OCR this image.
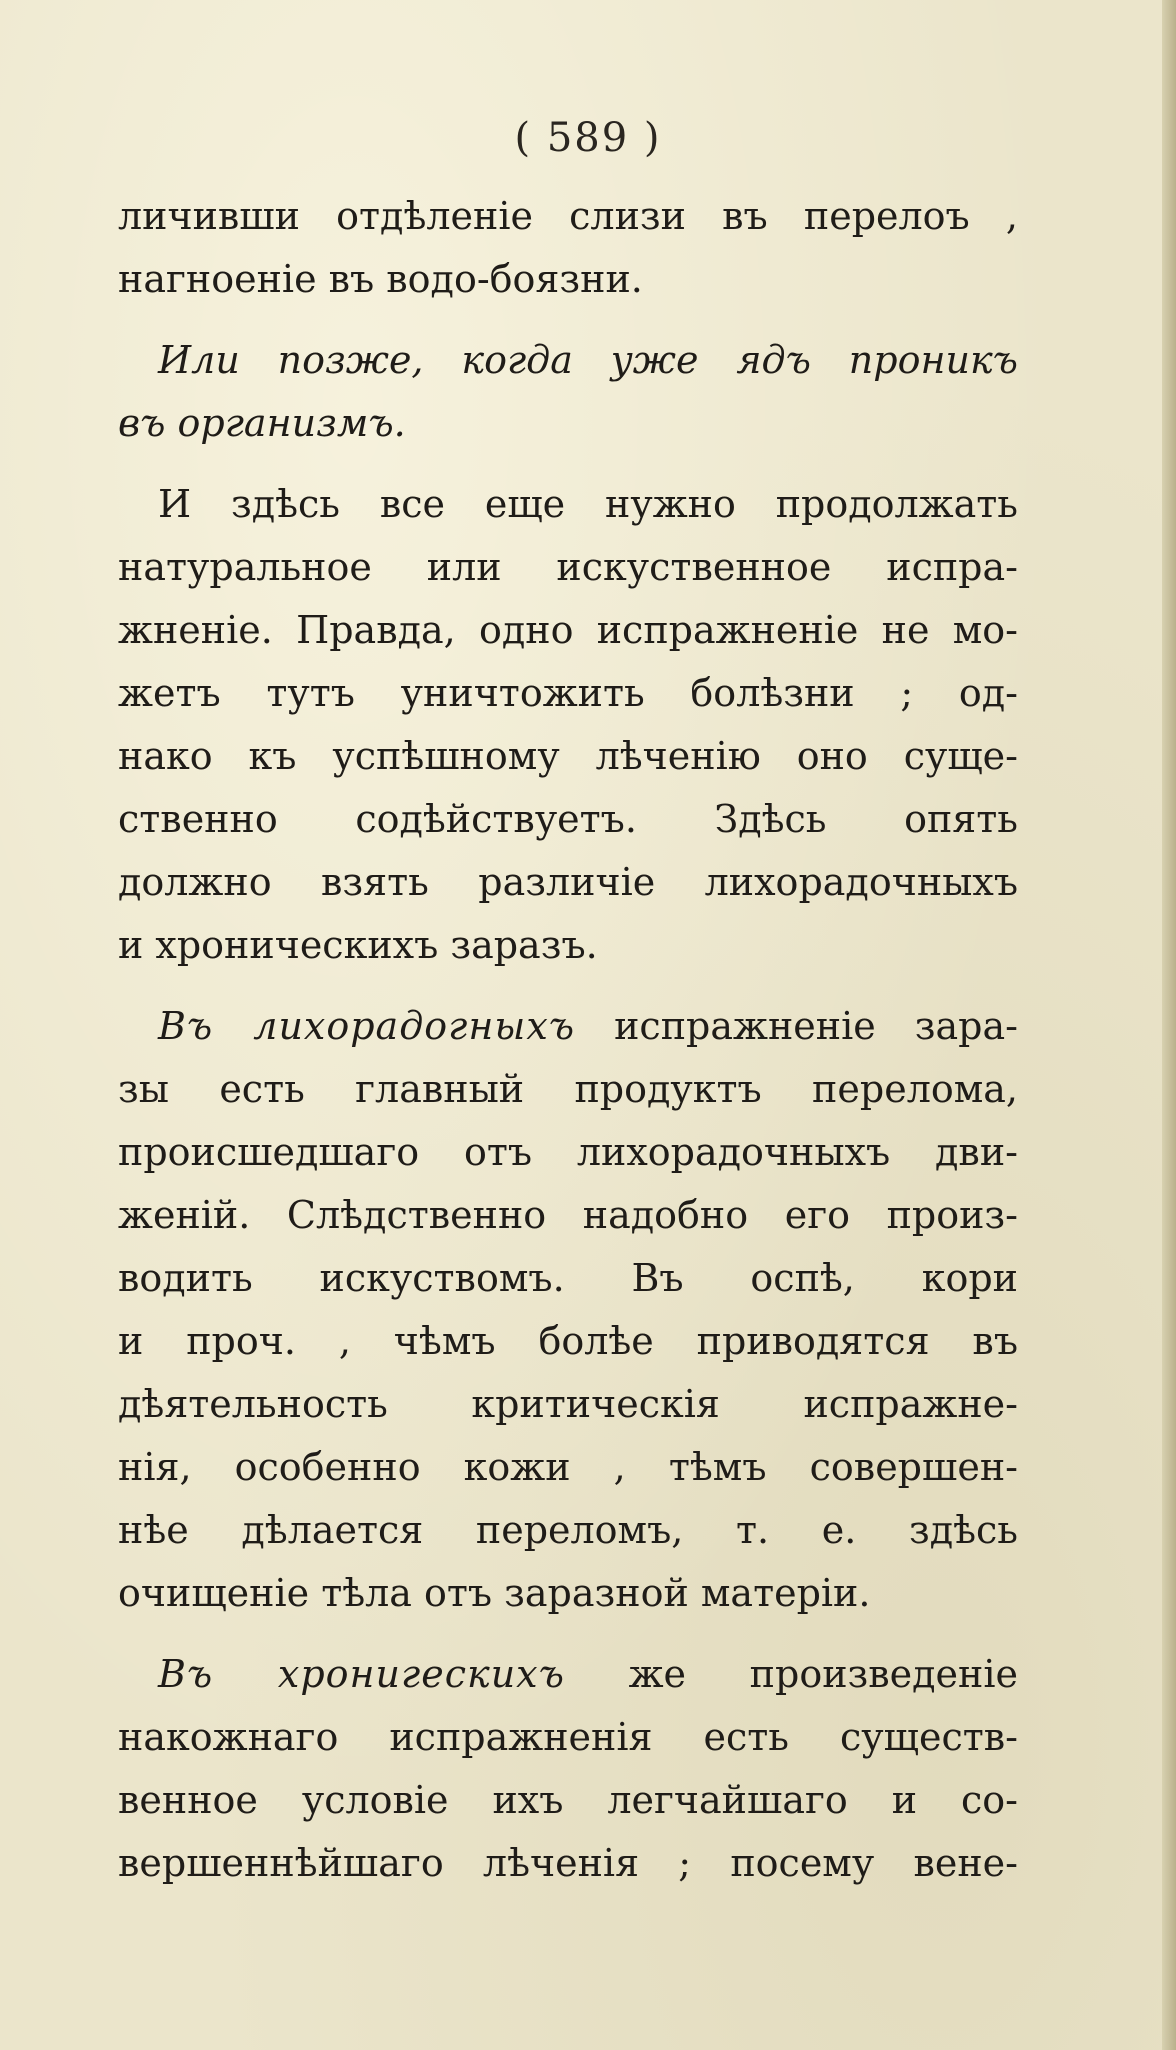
( 589 )
личивши отдѣленіе слизи въ перелоъ ,
нагноеніе въ водо-боязни.
Или позже, когда уже ядъ проникъ
въ организмъ.
И здѣсь все еще нужно продолжать
натуральное или искуственное испра-
жненіе. Правда, одно испражненіе не мо-
жетъ тутъ уничтожить болѣзни ; од-
нако къ успѣшному лѣченію оно суще-
ственно содѣйствуетъ. Здѣсь опять
должно взять различіе лихорадочныхъ
и хроническихъ заразъ.
Въ лихорадогныхъ испражненіе зара-
зы есть главный продуктъ перелома,
происшедшаго отъ лихорадочныхъ дви-
женій. Слѣдственно надобно его произ-
водить искуствомъ. Въ оспѣ, кори
и проч. , чѣмъ болѣе приводятся въ
дѣятельность критическія испражне-
нія, особенно кожи , тѣмъ совершен-
нѣе дѣлается переломъ, т. е. здѣсь
очищеніе тѣла отъ заразной матеріи.
Въ хронигескихъ же произведеніе
накожнаго испражненія есть существ-
венное условіе ихъ легчайшаго и со-
вершеннѣйшаго лѣченія ; посему вене-
